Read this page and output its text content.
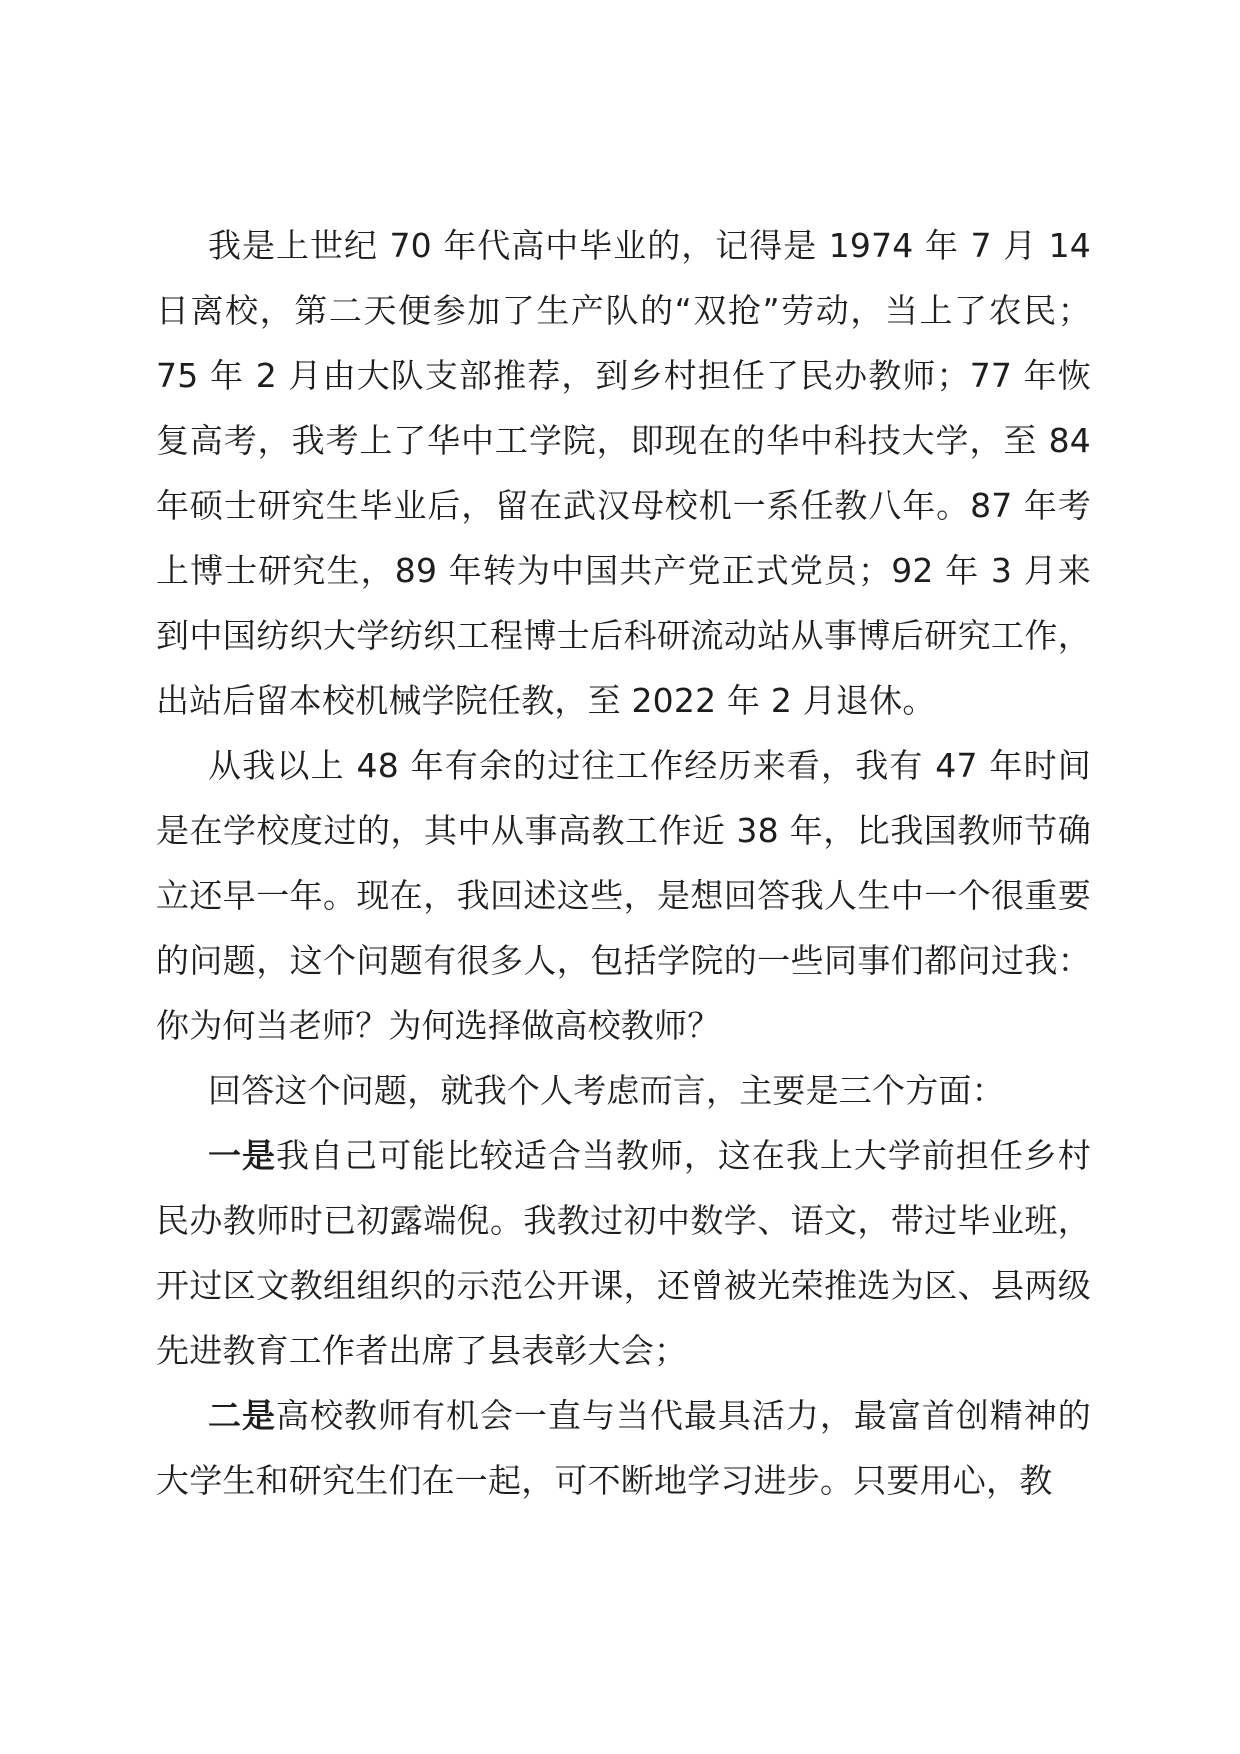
我是上世纪 70 年代高中毕业的，记得是 1974 年 7 月 14 日离校，第二天便参加了生产队的“双抢”劳动，当上了农民；75 年 2 月由大队支部推荐，到乡村担任了民办教师；77 年恢复高考，我考上了华中工学院，即现在的华中科技大学，至 84 年硕士研究生毕业后，留在武汉母校机一系任教八年。87 年考上博士研究生，89 年转为中国共产党正式党员；92 年 3 月来到中国纺织大学纺织工程博士后科研流动站从事博后研究工作，出站后留本校机械学院任教，至 2022 年 2 月退休。

从我以上 48 年有余的过往工作经历来看，我有 47 年时间是在学校度过的，其中从事高教工作近 38 年，比我国教师节确立还早一年。现在，我回述这些，是想回答我人生中一个很重要的问题，这个问题有很多人，包括学院的一些同事们都问过我：你为何当老师？为何选择做高校教师？

回答这个问题，就我个人考虑而言，主要是三个方面：

一是我自己可能比较适合当教师，这在我上大学前担任乡村民办教师时已初露端倪。我教过初中数学、语文，带过毕业班，开过区文教组组织的示范公开课，还曾被光荣推选为区、县两级先进教育工作者出席了县表彰大会；

二是高校教师有机会一直与当代最具活力，最富首创精神的大学生和研究生们在一起，可不断地学习进步。只要用心，教
